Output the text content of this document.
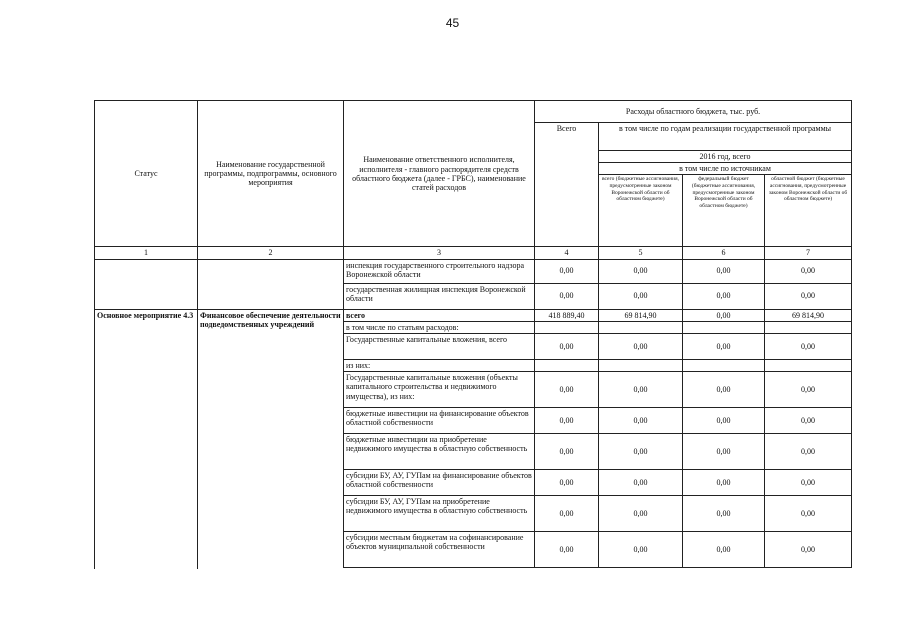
45
Статус	Наименование государственной программы, подпрограммы, основного мероприятия	Наименование ответственного исполнителя, исполнителя - главного распорядителя средств областного бюджета (далее - ГРБС), наименование статей расходов	Расходы областного бюджета, тыс. руб.			
			Всего	в том числе по годам реализации государственной программы		
				2016 год, всего		
				в том числе по источникам		
				всего (бюджетные ассигнования, предусмотренные законом Воронежской области об областном бюджете)	федеральный бюджет (бюджетные ассигнования, предусмотренные законом Воронежской области об областном бюджете)	областной бюджет (бюджетные ассигнования, предусмотренные законом Воронежской области об областном бюджете)
1	2	3	4	5	6	7
		инспекция государственного строительного надзора Воронежской области	0,00	0,00	0,00	0,00
		государственная жилищная инспекция Воронежской области	0,00	0,00	0,00	0,00
Основное мероприятие 4.3	Финансовое обеспечение деятельности подведомственных учреждений	всего	418 889,40	69 814,90	0,00	69 814,90
		в том числе по статьям расходов:				
		Государственные капитальные вложения, всего	0,00	0,00	0,00	0,00
		из них:				
		Государственные капитальные вложения (объекты капитального строительства и недвижимого имущества), из них:	0,00	0,00	0,00	0,00
		бюджетные инвестиции на финансирование объектов областной собственности	0,00	0,00	0,00	0,00
		бюджетные инвестиции на приобретение недвижимого имущества в областную собственность	0,00	0,00	0,00	0,00
		субсидии БУ, АУ, ГУПам на финансирование объектов областной собственности	0,00	0,00	0,00	0,00
		субсидии БУ, АУ, ГУПам на приобретение недвижимого имущества в областную собственность	0,00	0,00	0,00	0,00
		субсидии местным бюджетам на софинансирование объектов муниципальной собственности	0,00	0,00	0,00	0,00
